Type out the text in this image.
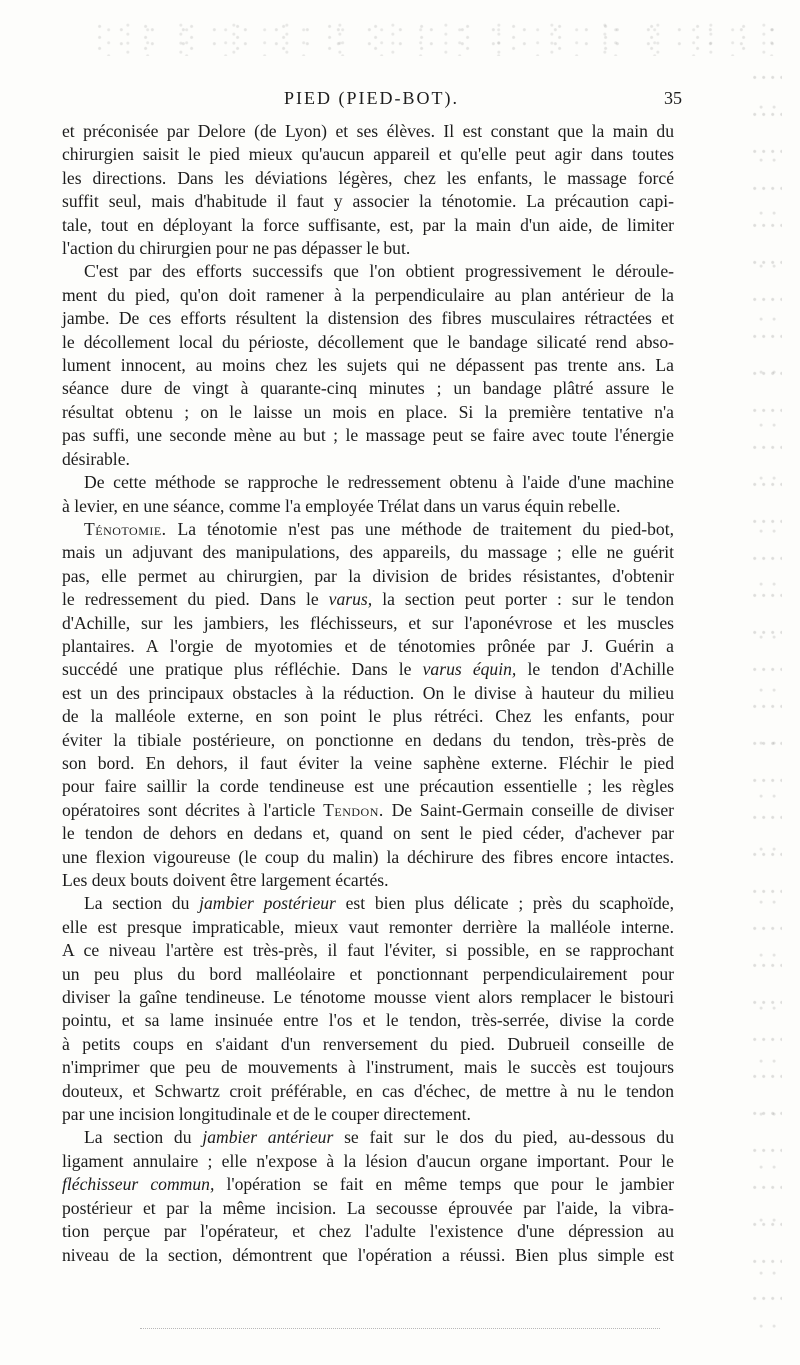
PIED (PIED-BOT).	35

et préconisée par Delore (de Lyon) et ses élèves. Il est constant que la main du

chirurgien saisit le pied mieux qu'aucun appareil et qu'elle peut agir dans toutes

les directions. Dans les déviations légères, chez les enfants, le massage forcé

suffit seul, mais d'habitude il faut y associer la ténotomie. La précaution capi-

tale, tout en déployant la force suffisante, est, par la main d'un aide, de limiter

l'action du chirurgien pour ne pas dépasser le but.

C'est par des efforts successifs que l'on obtient progressivement le déroule-

ment du pied, qu'on doit ramener à la perpendiculaire au plan antérieur de la

jambe. De ces efforts résultent la distension des fibres musculaires rétractées et

le décollement local du périoste, décollement que le bandage silicaté rend abso-

lument innocent, au moins chez les sujets qui ne dépassent pas trente ans. La

séance dure de vingt à quarante-cinq minutes ; un bandage plâtré assure le

résultat obtenu ; on le laisse un mois en place. Si la première tentative n'a

pas suffi, une seconde mène au but ; le massage peut se faire avec toute l'énergie

désirable.

De cette méthode se rapproche le redressement obtenu à l'aide d'une machine

à levier, en une séance, comme l'a employée Trélat dans un varus équin rebelle.

Ténotomie. La ténotomie n'est pas une méthode de traitement du pied-bot,

mais un adjuvant des manipulations, des appareils, du massage ; elle ne guérit

pas, elle permet au chirurgien, par la division de brides résistantes, d'obtenir

le redressement du pied. Dans le varus, la section peut porter : sur le tendon

d'Achille, sur les jambiers, les fléchisseurs, et sur l'aponévrose et les muscles

plantaires. A l'orgie de myotomies et de ténotomies prônée par J. Guérin a

succédé une pratique plus réfléchie. Dans le varus équin, le tendon d'Achille

est un des principaux obstacles à la réduction. On le divise à hauteur du milieu

de la malléole externe, en son point le plus rétréci. Chez les enfants, pour

éviter la tibiale postérieure, on ponctionne en dedans du tendon, très-près de

son bord. En dehors, il faut éviter la veine saphène externe. Fléchir le pied

pour faire saillir la corde tendineuse est une précaution essentielle ; les règles

opératoires sont décrites à l'article Tendon. De Saint-Germain conseille de diviser

le tendon de dehors en dedans et, quand on sent le pied céder, d'achever par

une flexion vigoureuse (le coup du malin) la déchirure des fibres encore intactes.

Les deux bouts doivent être largement écartés.

La section du jambier postérieur est bien plus délicate ; près du scaphoïde,

elle est presque impraticable, mieux vaut remonter derrière la malléole interne.

A ce niveau l'artère est très-près, il faut l'éviter, si possible, en se rapprochant

un peu plus du bord malléolaire et ponctionnant perpendiculairement pour

diviser la gaîne tendineuse. Le ténotome mousse vient alors remplacer le bistouri

pointu, et sa lame insinuée entre l'os et le tendon, très-serrée, divise la corde

à petits coups en s'aidant d'un renversement du pied. Dubrueil conseille de

n'imprimer que peu de mouvements à l'instrument, mais le succès est toujours

douteux, et Schwartz croit préférable, en cas d'échec, de mettre à nu le tendon

par une incision longitudinale et de le couper directement.

La section du jambier antérieur se fait sur le dos du pied, au-dessous du

ligament annulaire ; elle n'expose à la lésion d'aucun organe important. Pour le

fléchisseur commun, l'opération se fait en même temps que pour le jambier

postérieur et par la même incision. La secousse éprouvée par l'aide, la vibra-

tion perçue par l'opérateur, et chez l'adulte l'existence d'une dépression au

niveau de la section, démontrent que l'opération a réussi. Bien plus simple est
